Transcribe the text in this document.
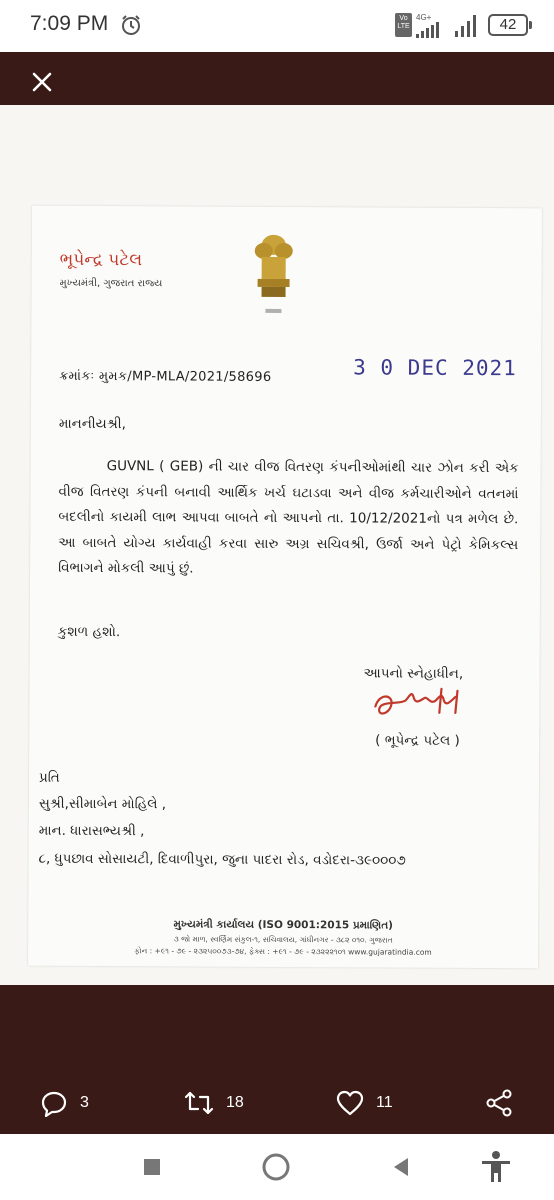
7:09 PM	Vo LTE
4G+	42
ભૂપેન્દ્ર પટેલ
મુખ્યમંત્રી, ગુજરાત રાજ્ય
ક્રમાંકઃ મુમક/MP-MLA/2021/58696	3 0 DEC 2021
માનનીયશ્રી,
GUVNL ( GEB) ની ચાર વીજ વિતરણ કંપનીઓમાંથી ચાર ઝોન કરી એક વીજ વિતરણ કંપની બનાવી આર્થિક ખર્ચ ઘટાડવા અને વીજ કર્મચારીઓને વતનમાં બદલીનો કાયમી લાભ આપવા બાબતે નો આપનો તા. 10/12/2021નો પત્ર મળેલ છે. આ બાબતે યોગ્ય કાર્યવાહી કરવા સારુ અગ્ર સચિવશ્રી, ઉર્જા અને પેટ્રો કેમિકલ્સ વિભાગને મોકલી આપું છું.
કુશળ હશો.
આપનો સ્નેહાધીન,
( ભૂપેન્દ્ર પટેલ )
પ્રતિ
સુશ્રી,સીમાબેન મોહિલે ,
માન. ધારાસભ્યશ્રી ,
૮, ધુપછાવ સોસાયટી, દિવાળીપુરા, જુના પાદરા રોડ, વડોદરા-૩૯૦૦૦૭
મુખ્યમંત્રી કાર્યાલય (ISO 9001:2015 પ્રમાણિત)
૩ જો માળ, સ્વર્ણિમ સંકુલ-૧, સચિવાલય, ગાંધીનગર - ૩૮૨ ૦૧૦. ગુજરાત
ફોન : +૯૧ - ૭૯ - ૨૩૨૫૦૦૭૩-૭૪, ફેક્સ : +૯૧ - ૭૯ - ૨૩૨૨૨૧૦૧ www.gujaratindia.com
3	18	11
